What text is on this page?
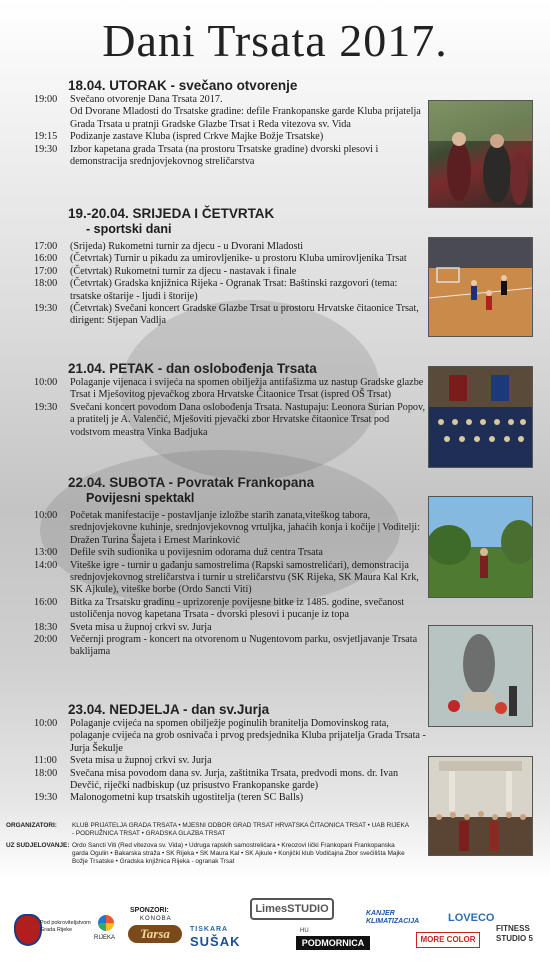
Dani Trsata 2017.
18.04. UTORAK - svečano otvorenje
19:00	Svečano otvorenje Dana Trsata 2017.
Od Dvorane Mladosti do Trsatske gradine: defile Frankopanske garde Kluba prijatelja Grada Trsata u pratnji Gradske Glazbe Trsat i Reda vitezova sv. Vida
19:15	Podizanje zastave Kluba (ispred Crkve Majke Božje Trsatske)
19:30	Izbor kapetana grada Trsata (na prostoru Trsatske gradine) dvorski plesovi i demonstracija srednjovjekovnog streličarstva
19.-20.04. SRIJEDA I ČETVRTAK
- sportski dani
17:00	(Srijeda) Rukometni turnir za djecu - u Dvorani Mladosti
16:00	(Četvrtak) Turnir u pikadu za umirovljenike- u prostoru Kluba umirovljenika Trsat
17:00	(Četvrtak) Rukometni turnir za djecu - nastavak i finale
18:00	(Četvrtak) Gradska knjižnica Rijeka - Ogranak Trsat: Baštinski razgovori (tema: trsatske oštarije - ljudi i štorije)
19:30	(Četvrtak) Svečani koncert Gradske Glazbe Trsat u prostoru Hrvatske čitaonice Trsat, dirigent: Stjepan Vadlja
21.04. PETAK - dan oslobođenja Trsata
10:00	Polaganje vijenaca i svijeća na spomen obilježja antifašizma uz nastup Gradske glazbe Trsat i Mješovitog pjevačkog zbora Hrvatske Čitaonice Trsat (ispred OŠ Trsat)
19:30	Svečani koncert povodom Dana oslobođenja Trsata. Nastupaju: Leonora Surian Popov, a pratitelj je A. Valenčić, Mješoviti pjevački zbor Hrvatske čitaonice Trsat pod vodstvom meastra Vinka Badjuka
22.04. SUBOTA - Povratak Frankopana
Povijesni spektakl
10:00	Početak manifestacije - postavljanje izložbe starih zanata,viteškog tabora, srednjovjekovne kuhinje, srednjovjekovnog vrtuljka, jahaćih konja i kočije | Voditelji: Dražen Turina Šajeta i Ernest Marinković
13:00	Defile svih sudionika u povijesnim odorama duž centra Trsata
14:00	Viteške igre - turnir u gađanju samostrelima (Rapski samostrelićari), demonstracija srednjovjekovnog streličarstva i turnir u streličarstvu (SK Rijeka, SK Maura Kal Krk, SK Ajkule), viteške borbe (Ordo Sancti Viti)
16:00	Bitka za Trsatsku gradinu - uprizorenje povijesne bitke iz 1485. godine, svečanost ustoličenja novog kapetana Trsata - dvorski plesovi i pucanje iz topa
18:30	Sveta misa u župnoj crkvi sv. Jurja
20:00	Večernji program - koncert na otvorenom u Nugentovom parku, osvjetljavanje Trsata baklijama
23.04. NEDJELJA - dan sv.Jurja
10:00	Polaganje cvijeća na spomen obilježje poginulih branitelja Domovinskog rata, polaganje cvijeća na grob osnivača i prvog predsjednika Kluba prijatelja Grada Trsata - Jurja Šekulje
11:00	Sveta misa u župnoj crkvi sv. Jurja
18:00	Svečana misa povodom dana sv. Jurja, zaštitnika Trsata, predvodi mons. dr. Ivan Devčić, riječki nadbiskup (uz prisustvo Frankopanske garde)
19:30	Malonogometni kup trsatskih ugostitelja (teren SC Balls)
ORGANIZATORI: KLUB PRIJATELJA GRADA TRSATA • MJESNI ODBOR GRAD TRSAT HRVATSKA ČITAONICA TRSAT • UAB RIJEKA - PODRUŽNICA TRSAT • GRADSKA GLAZBA TRSAT
UZ SUDJELOVANJE: Ordo Sancti Viti (Red vitezova sv. Vida) • Udruga rapskih samostrelićara • Kreozovi lički Frankopani Frankopanska garda Ogulin • Bakarska straža • SK Rijeka • SK Maura Kal • SK Ajkule • Konjički klub Vodičajna Zbor svećilišta Majke Božje Trsatske • Gradska knjižnica Rijeka - ogranak Trsat
Pod pokroviteljstvom Grada Rijeke
RIJEKA
SPONZORI:
KONOBA
Tarsa
LimesSTUDIO
TISKARA
SUŠAK
HU
PODMORNICA
KANJER KLIMATIZACIJA	LOVECO
MORE COLOR
FITNESS
STUDIO 5
